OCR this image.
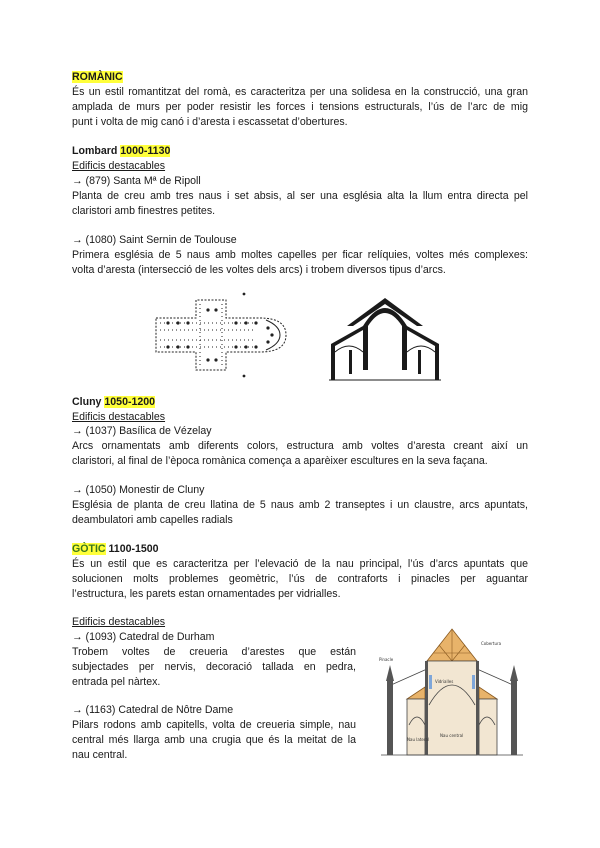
ROMÀNIC
És un estil romantitzat del romà, es caracteritza per una solidesa en la construcció, una gran
amplada de murs per poder resistir les forces i tensions estructurals, l’ús de l’arc de mig
punt i volta de mig canó i d’aresta i escassetat d’obertures.
Lombard 1000-1130
Edificis destacables
→ (879) Santa Mª de Ripoll
Planta de creu amb tres naus i set absis, al ser una església alta la llum entra directa pel
claristori amb finestres petites.
→ (1080) Saint Sernin de Toulouse
Primera església de 5 naus amb moltes capelles per ficar relíquies, voltes més complexes:
volta d’aresta (intersecció de les voltes dels arcs) i trobem diversos tipus d’arcs.
Cluny 1050-1200
Edificis destacables
→ (1037) Basílica de Vézelay
Arcs ornamentats amb diferents colors, estructura amb voltes d’aresta creant així un
claristori, al final de l’època romànica comença a aparèixer escultures en la seva façana.
→ (1050) Monestir de Cluny
Església de planta de creu llatina de 5 naus amb 2 transeptes i un claustre, arcs apuntats,
deambulatori amb capelles radials
GÒTIC 1100-1500
És un estil que es caracteritza per l’elevació de la nau principal, l’ús d’arcs apuntats que
solucionen molts problemes geomètric, l’ús de contraforts i pinacles per aguantar
l’estructura, les parets estan ornamentades per vidrialles.
Edificis destacables
→ (1093) Catedral de Durham
Trobem voltes de creueria d’arestes que están
subjectades per nervis, decoració tallada en pedra,
entrada pel nàrtex.
→ (1163) Catedral de Nôtre Dame
Pilars rodons amb capitells, volta de creueria simple, nau
central més llarga amb una crugia que és la meitat de la
nau central.
Cobertura
Pinacle
Vidrialles
Nau central
Nau lateral
